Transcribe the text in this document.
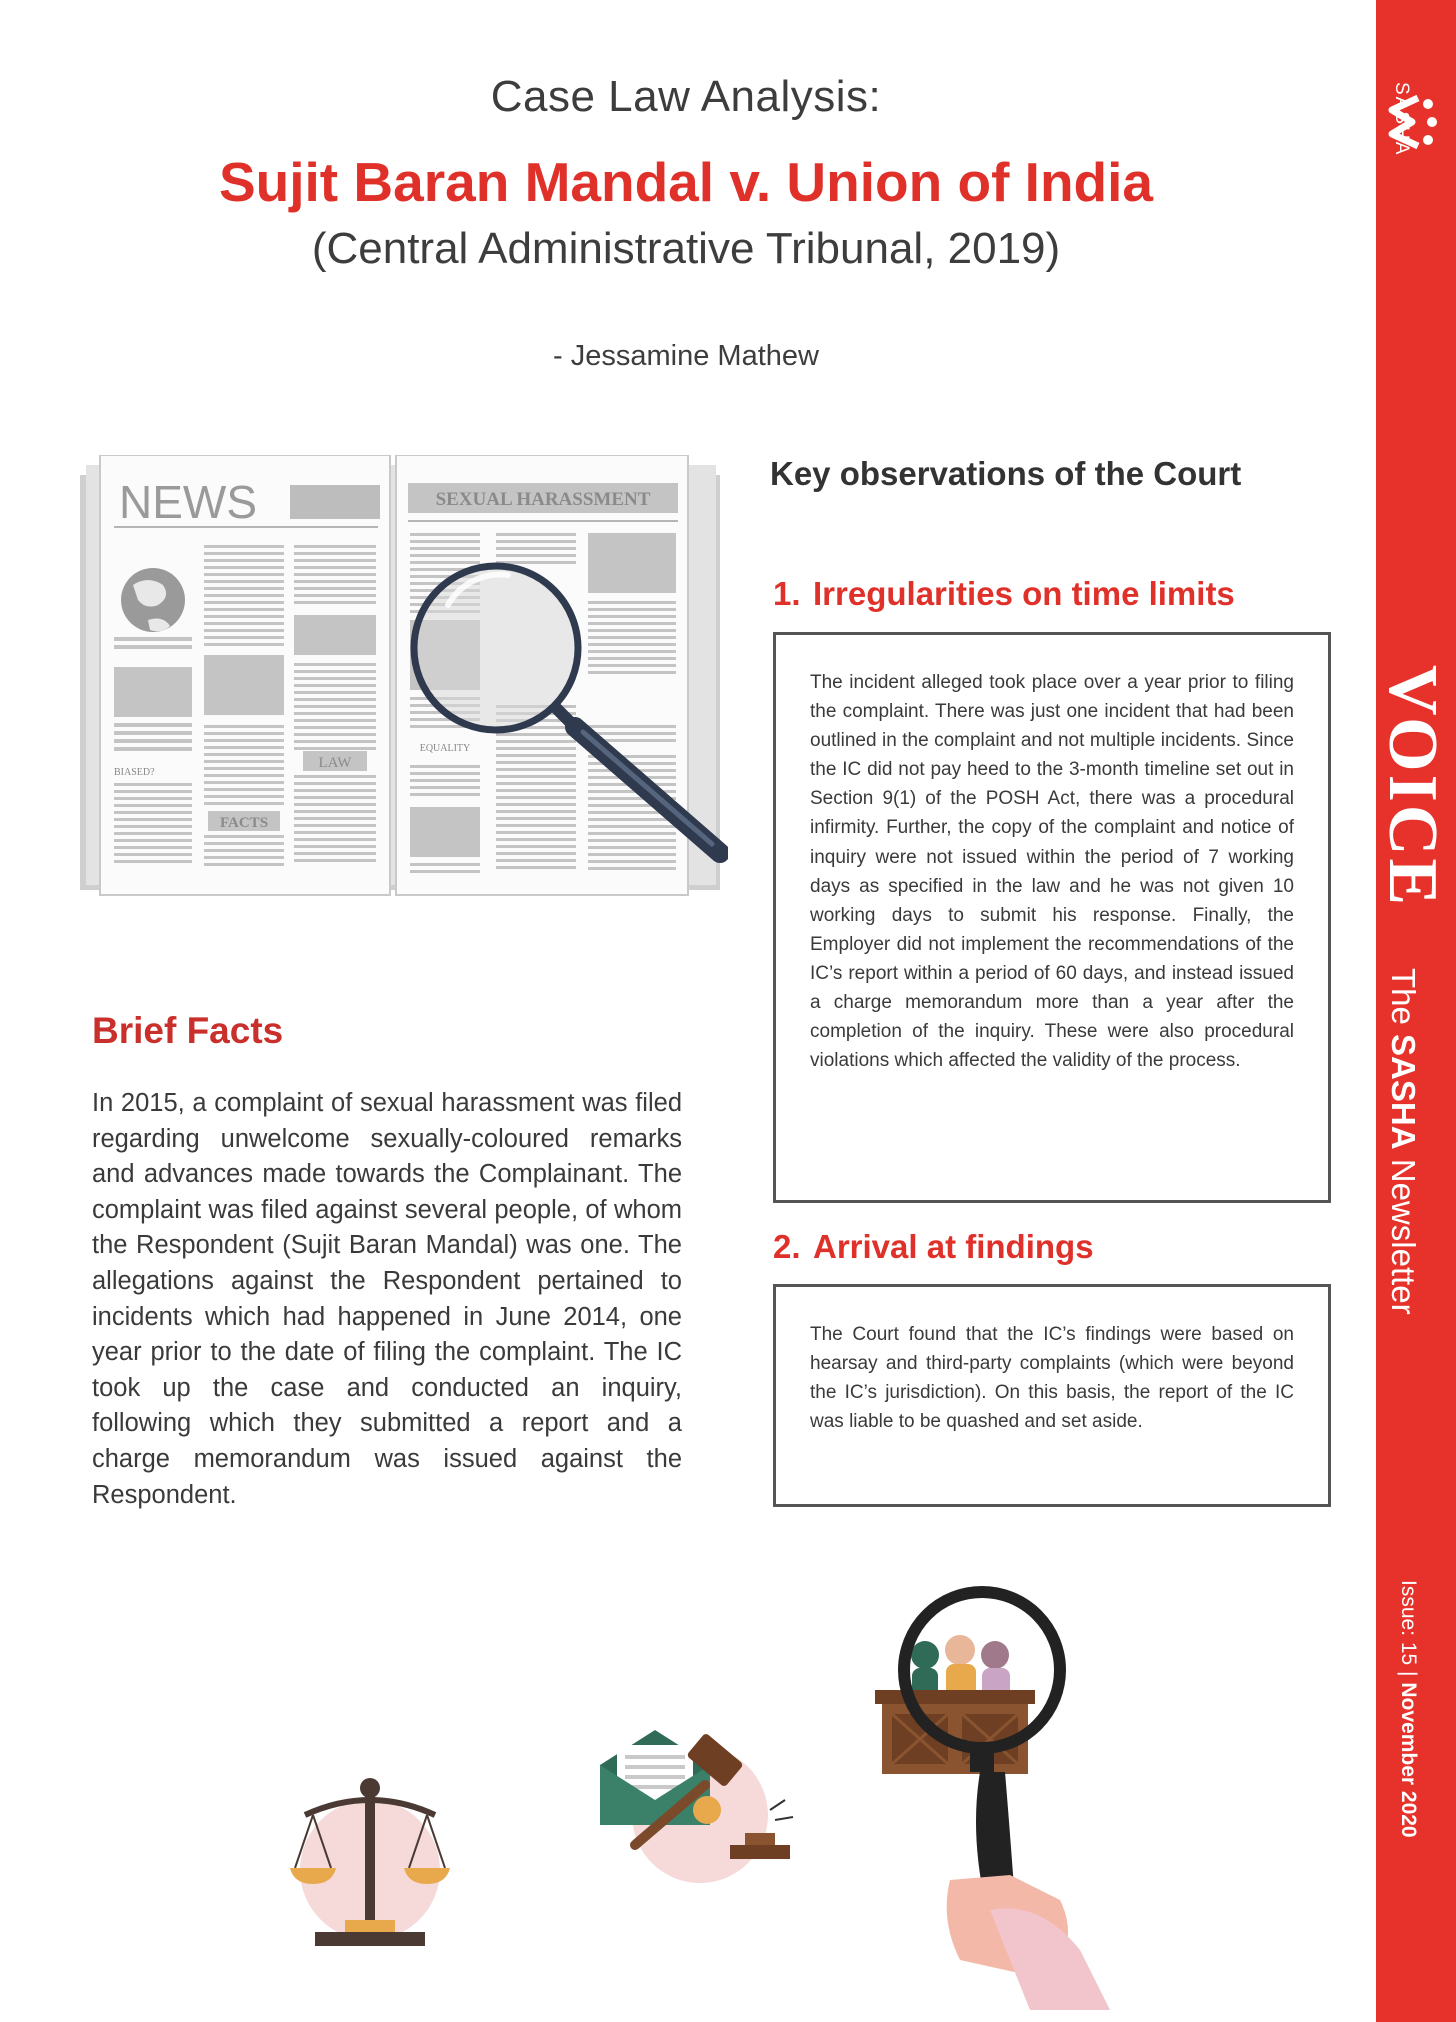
Case Law Analysis:
Sujit Baran Mandal v. Union of India
(Central Administrative Tribunal, 2019)
- Jessamine Mathew
NEWS
BIASED?
FACTS
LAW
SEXUAL HARASSMENT
EQUALITY
Key observations of the Court
1. Irregularities on time limits

The incident alleged took place over a year prior to filing the complaint. There was just one incident that had been outlined in the complaint and not multiple incidents. Since the IC did not pay heed to the 3-month timeline set out in Section 9(1) of the POSH Act, there was a procedural infirmity. Further, the copy of the complaint and notice of inquiry were not issued within the period of 7 working days as specified in the law and he was not given 10 working days to submit his response. Finally, the Employer did not implement the recommendations of the IC’s report within a period of 60 days, and instead issued a charge memorandum more than a year after the completion of the inquiry. These were also procedural violations which affected the validity of the process.

2. Arrival at findings

The Court found that the IC’s findings were based on hearsay and third-party complaints (which were beyond the IC’s jurisdiction). On this basis, the report of the IC was liable to be quashed and set aside.

Brief Facts
In 2015, a complaint of sexual harassment was filed regarding unwelcome sexually-coloured remarks and advances made towards the Complainant. The complaint was filed against several people, of whom the Respondent (Sujit Baran Mandal) was one. The allegations against the Respondent pertained to incidents which had happened in June 2014, one year prior to the date of filing the complaint. The IC took up the case and conducted an inquiry, following which they submitted a report and a charge memorandum was issued against the Respondent.
SASHA
VOICE
The SASHA Newsletter
Issue: 15 | November 2020
